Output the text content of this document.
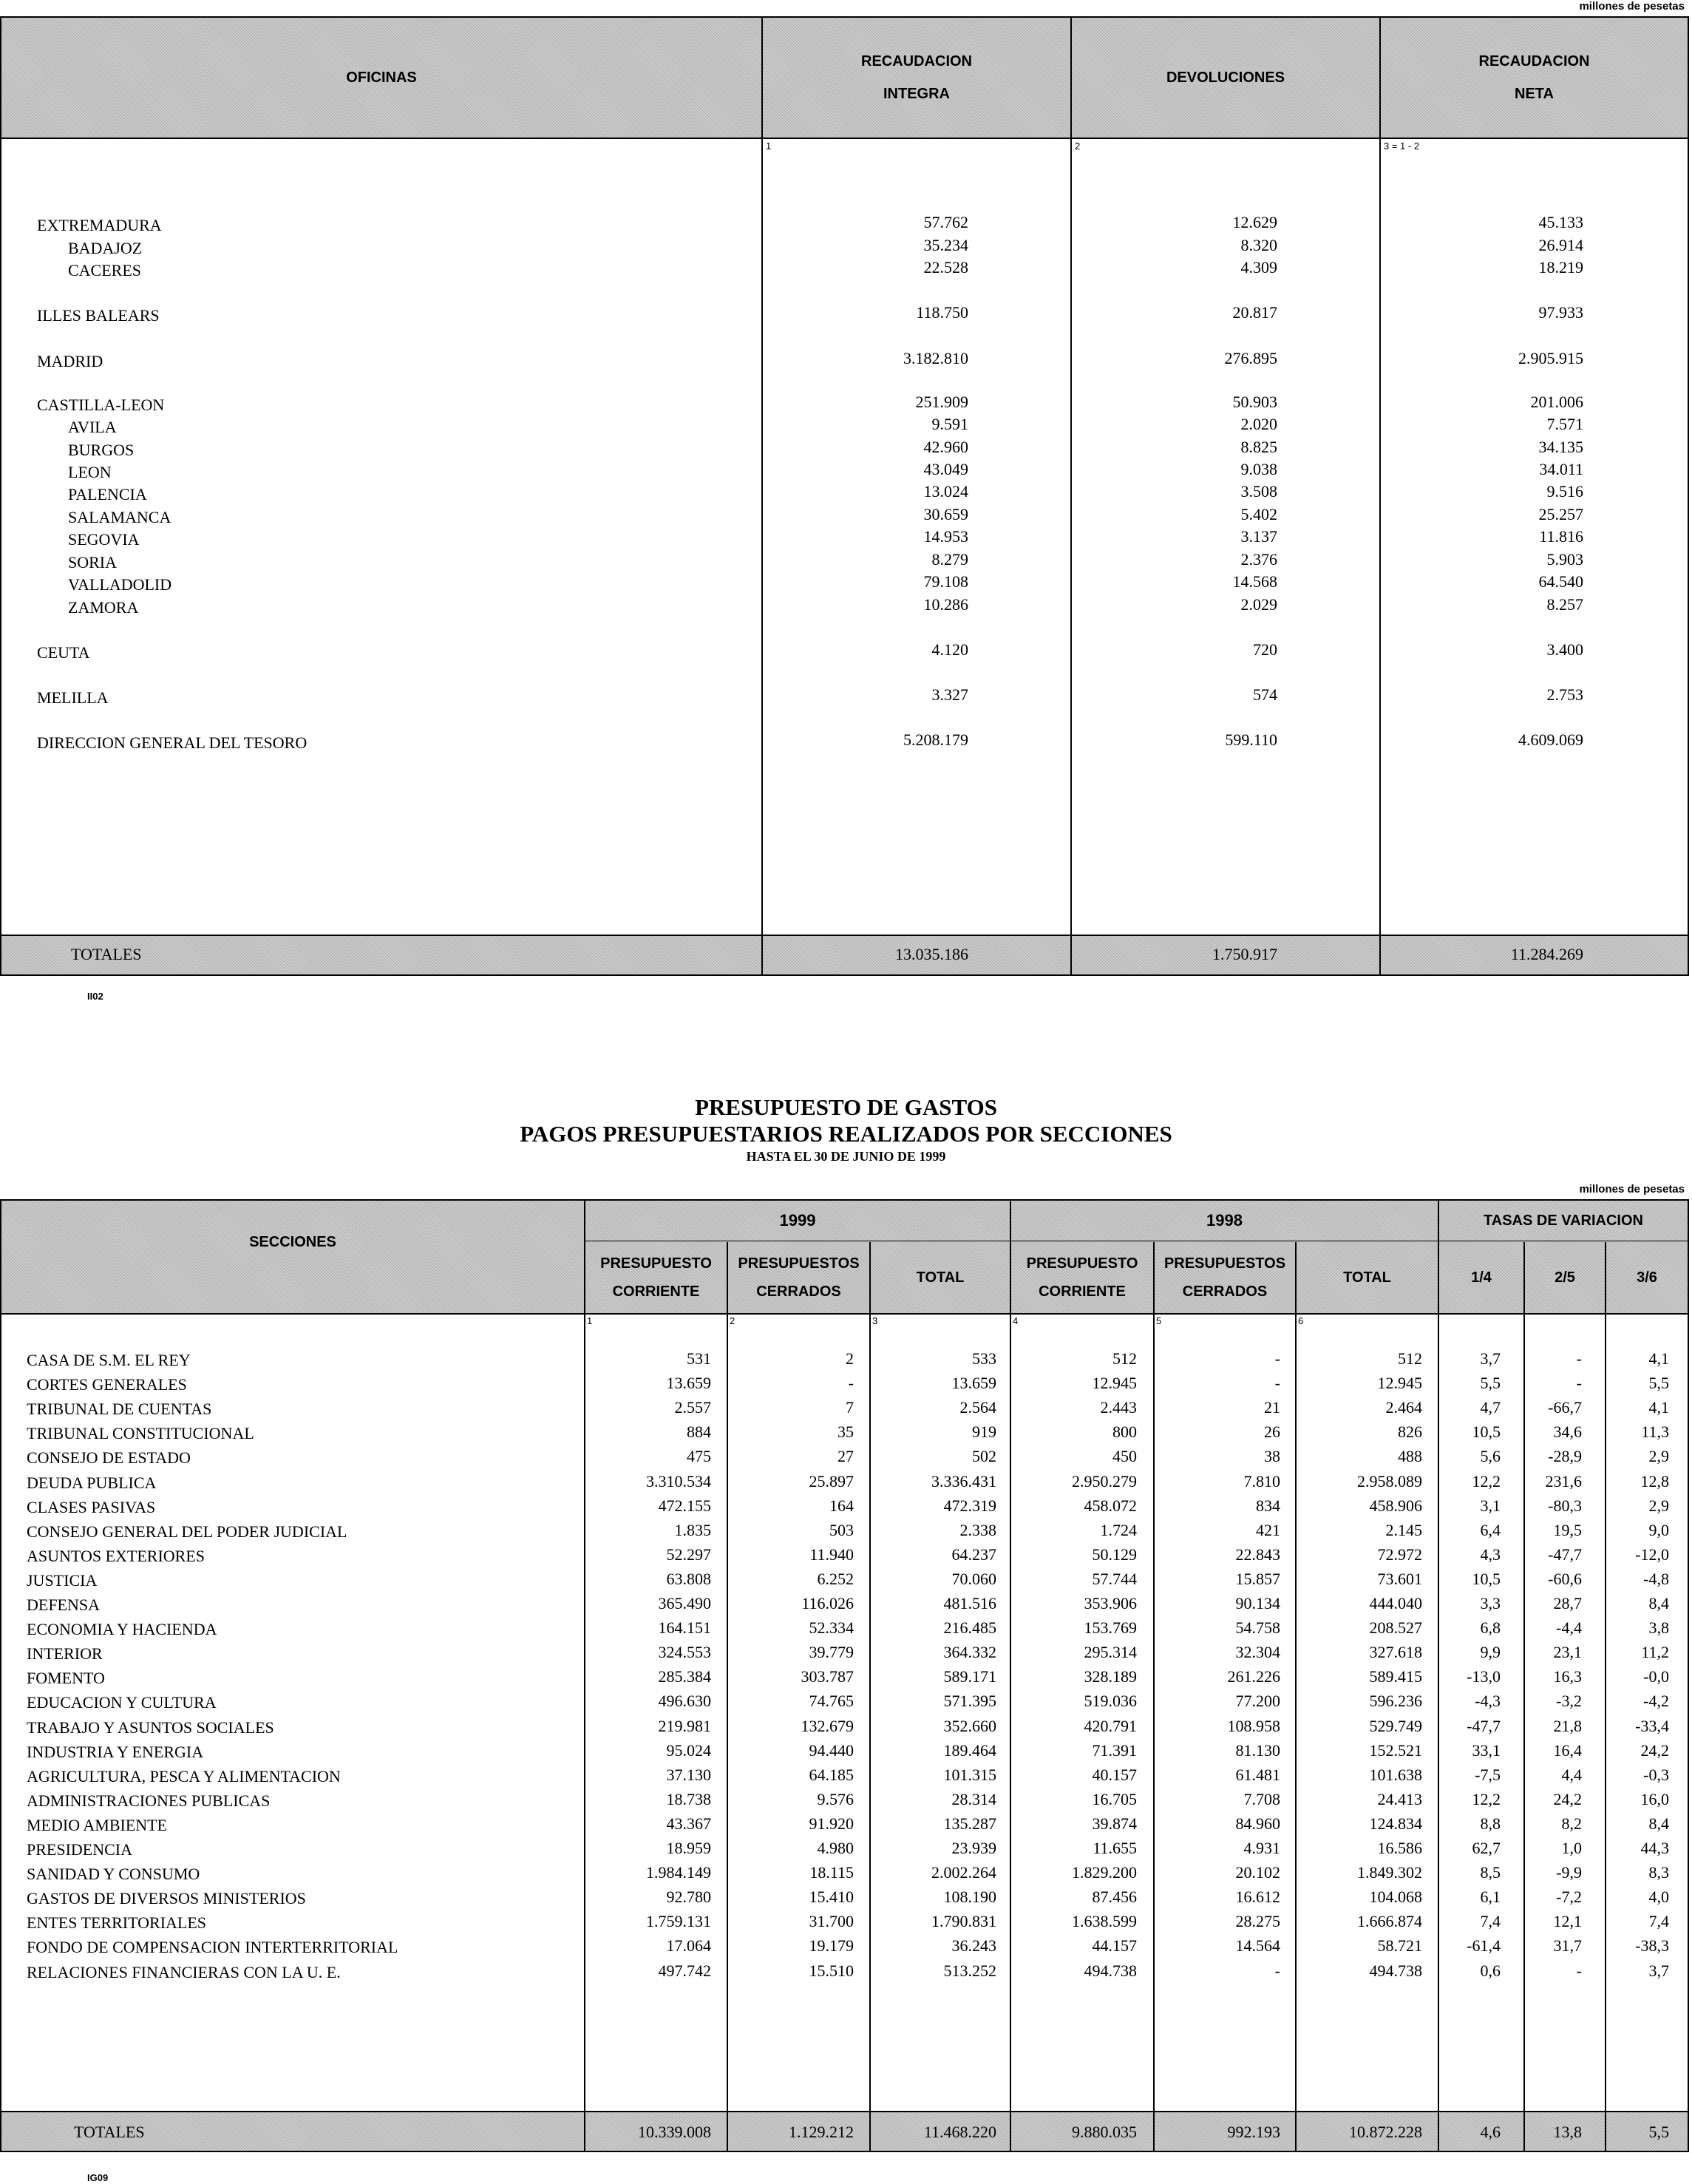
millones de pesetas
OFICINAS
RECAUDACION
INTEGRA
DEVOLUCIONES
RECAUDACION
NETA
1	2	3 = 1 - 2
EXTREMADURA	57.762	12.629	45.133
BADAJOZ	35.234	8.320	26.914
CACERES	22.528	4.309	18.219
ILLES BALEARS	118.750	20.817	97.933
MADRID	3.182.810	276.895	2.905.915
CASTILLA-LEON	251.909	50.903	201.006
AVILA	9.591	2.020	7.571
BURGOS	42.960	8.825	34.135
LEON	43.049	9.038	34.011
PALENCIA	13.024	3.508	9.516
SALAMANCA	30.659	5.402	25.257
SEGOVIA	14.953	3.137	11.816
SORIA	8.279	2.376	5.903
VALLADOLID	79.108	14.568	64.540
ZAMORA	10.286	2.029	8.257
CEUTA	4.120	720	3.400
MELILLA	3.327	574	2.753
DIRECCION GENERAL DEL TESORO	5.208.179	599.110	4.609.069
TOTALES	13.035.186	1.750.917	11.284.269
II02
PRESUPUESTO DE GASTOS
PAGOS PRESUPUESTARIOS REALIZADOS POR SECCIONES
HASTA EL 30 DE JUNIO DE 1999
millones de pesetas
SECCIONES
1999	1998	TASAS DE VARIACION
PRESUPUESTO
CORRIENTE
PRESUPUESTOS
CERRADOS
TOTAL
PRESUPUESTO
CORRIENTE
PRESUPUESTOS
CERRADOS
TOTAL	1/4	2/5	3/6
1	2	3	4	5	6
CASA DE S.M. EL REY	531	2	533	512	-	512	3,7	-	4,1
CORTES GENERALES	13.659	-	13.659	12.945	-	12.945	5,5	-	5,5
TRIBUNAL DE CUENTAS	2.557	7	2.564	2.443	21	2.464	4,7	-66,7	4,1
TRIBUNAL CONSTITUCIONAL	884	35	919	800	26	826	10,5	34,6	11,3
CONSEJO DE ESTADO	475	27	502	450	38	488	5,6	-28,9	2,9
DEUDA PUBLICA	3.310.534	25.897	3.336.431	2.950.279	7.810	2.958.089	12,2	231,6	12,8
CLASES PASIVAS	472.155	164	472.319	458.072	834	458.906	3,1	-80,3	2,9
CONSEJO GENERAL DEL PODER JUDICIAL	1.835	503	2.338	1.724	421	2.145	6,4	19,5	9,0
ASUNTOS EXTERIORES	52.297	11.940	64.237	50.129	22.843	72.972	4,3	-47,7	-12,0
JUSTICIA	63.808	6.252	70.060	57.744	15.857	73.601	10,5	-60,6	-4,8
DEFENSA	365.490	116.026	481.516	353.906	90.134	444.040	3,3	28,7	8,4
ECONOMIA Y HACIENDA	164.151	52.334	216.485	153.769	54.758	208.527	6,8	-4,4	3,8
INTERIOR	324.553	39.779	364.332	295.314	32.304	327.618	9,9	23,1	11,2
FOMENTO	285.384	303.787	589.171	328.189	261.226	589.415	-13,0	16,3	-0,0
EDUCACION Y CULTURA	496.630	74.765	571.395	519.036	77.200	596.236	-4,3	-3,2	-4,2
TRABAJO Y ASUNTOS SOCIALES	219.981	132.679	352.660	420.791	108.958	529.749	-47,7	21,8	-33,4
INDUSTRIA Y ENERGIA	95.024	94.440	189.464	71.391	81.130	152.521	33,1	16,4	24,2
AGRICULTURA, PESCA Y ALIMENTACION	37.130	64.185	101.315	40.157	61.481	101.638	-7,5	4,4	-0,3
ADMINISTRACIONES PUBLICAS	18.738	9.576	28.314	16.705	7.708	24.413	12,2	24,2	16,0
MEDIO AMBIENTE	43.367	91.920	135.287	39.874	84.960	124.834	8,8	8,2	8,4
PRESIDENCIA	18.959	4.980	23.939	11.655	4.931	16.586	62,7	1,0	44,3
SANIDAD Y CONSUMO	1.984.149	18.115	2.002.264	1.829.200	20.102	1.849.302	8,5	-9,9	8,3
GASTOS DE DIVERSOS MINISTERIOS	92.780	15.410	108.190	87.456	16.612	104.068	6,1	-7,2	4,0
ENTES TERRITORIALES	1.759.131	31.700	1.790.831	1.638.599	28.275	1.666.874	7,4	12,1	7,4
FONDO DE COMPENSACION INTERTERRITORIAL	17.064	19.179	36.243	44.157	14.564	58.721	-61,4	31,7	-38,3
RELACIONES FINANCIERAS CON LA U. E.	497.742	15.510	513.252	494.738	-	494.738	0,6	-	3,7
TOTALES	10.339.008	1.129.212	11.468.220	9.880.035	992.193	10.872.228	4,6	13,8	5,5
IG09
